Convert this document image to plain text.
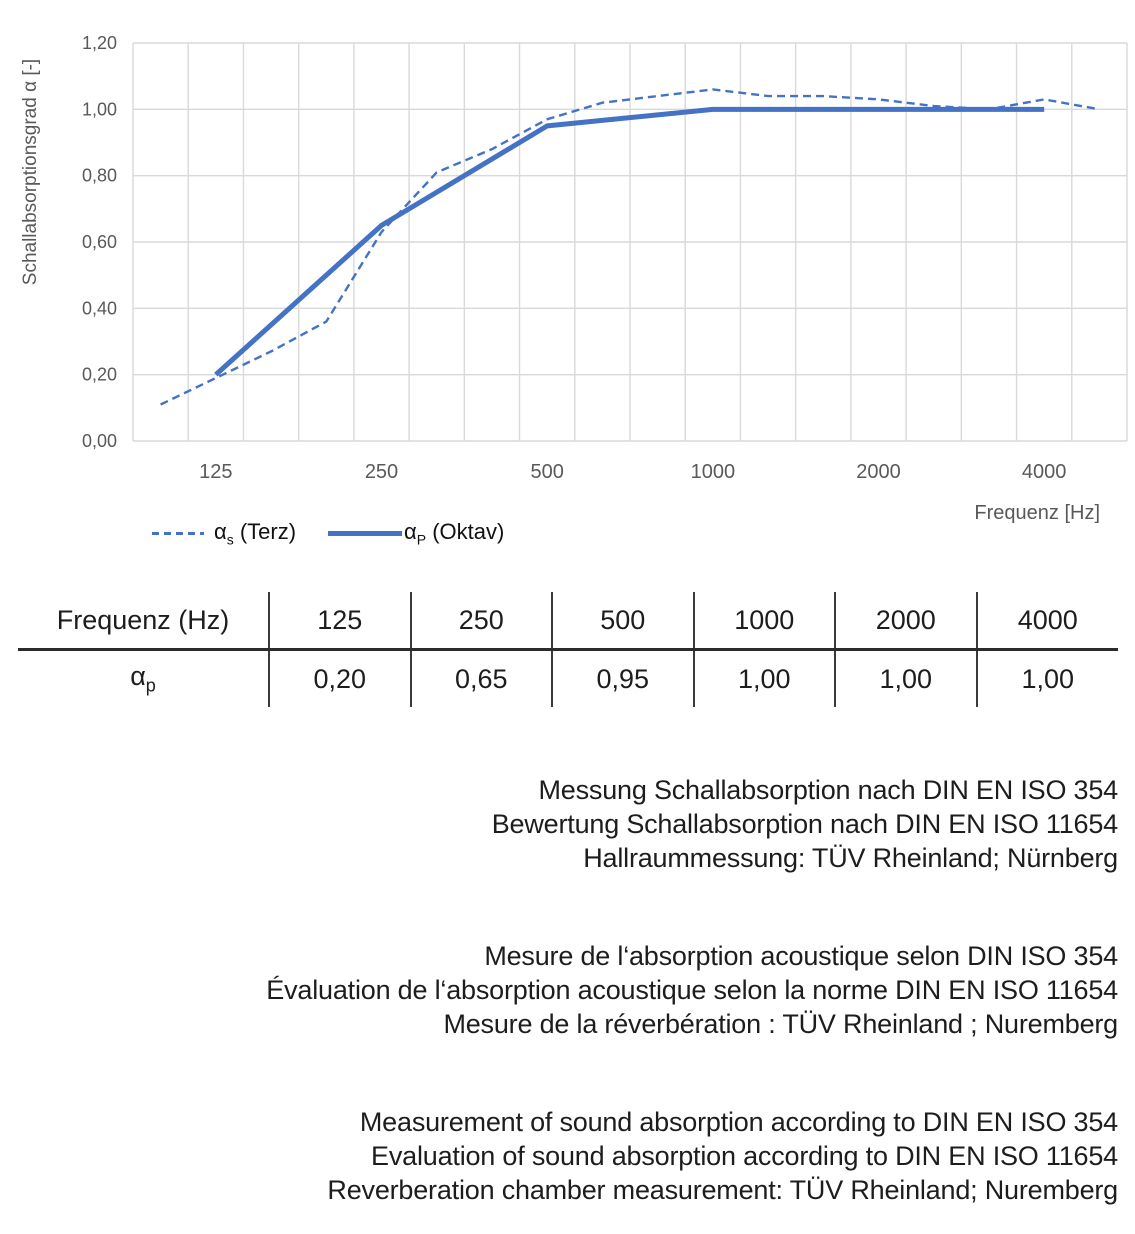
0,00
0,20
0,40
0,60
0,80
1,00
1,20
125	250	500	1000	2000	4000
Frequenz [Hz]
Schallabsorptionsgrad α [-]
$\alpha_s$ (Terz)	$\alpha_P$ (Oktav)
Frequenz (Hz)	125	250	500	1000	2000	4000
$\alpha_p$	0,20	0,65	0,95	1,00	1,00	1,00
Messung Schallabsorption nach DIN EN ISO 354
Bewertung Schallabsorption nach DIN EN ISO 11654
Hallraummessung: TÜV Rheinland; Nürnberg
Mesure de l‘absorption acoustique selon DIN ISO 354
Évaluation de l‘absorption acoustique selon la norme DIN EN ISO 11654
Mesure de la réverbération : TÜV Rheinland ; Nuremberg
Measurement of sound absorption according to DIN EN ISO 354
Evaluation of sound absorption according to DIN EN ISO 11654
Reverberation chamber measurement: TÜV Rheinland; Nuremberg
